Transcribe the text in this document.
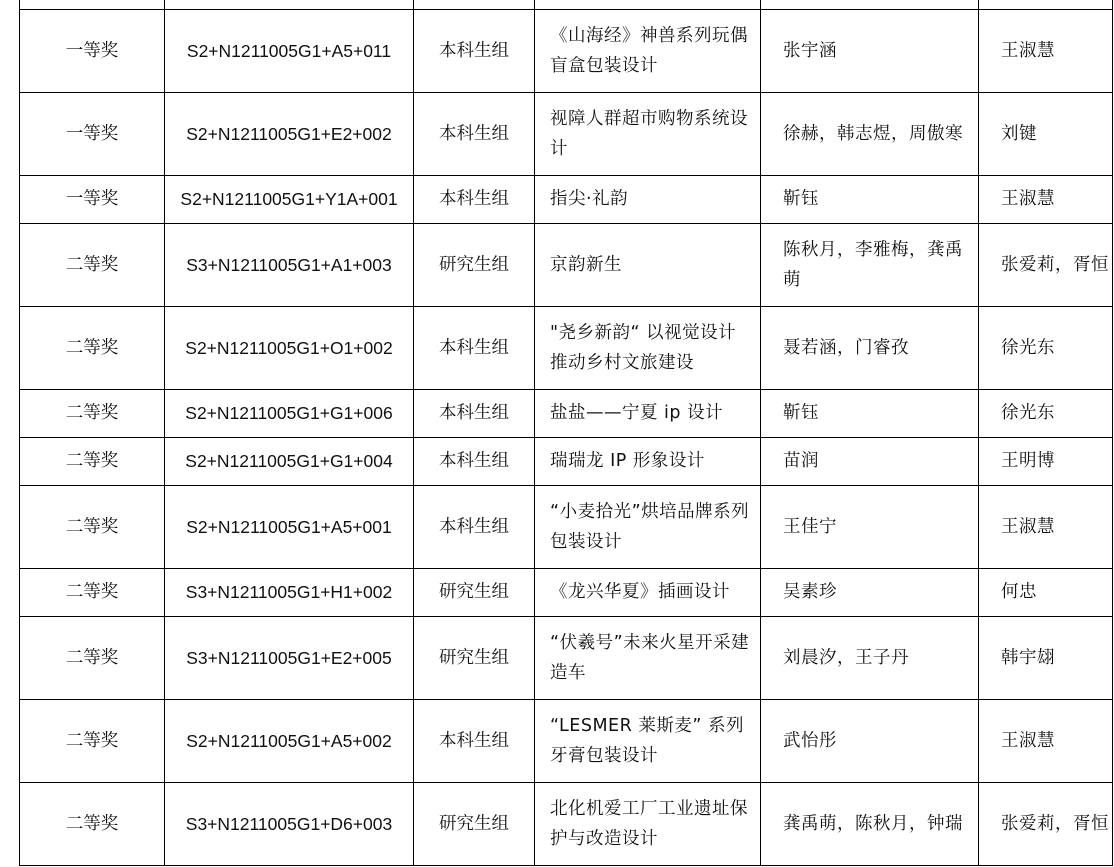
一等奖	S2+N1211005G1+A5+011	本科生组	《山海经》神兽系列玩偶盲盒包装设计	张宇涵	王淑慧
一等奖	S2+N1211005G1+E2+002	本科生组	视障人群超市购物系统设计	徐赫，韩志煜，周傲寒	刘键
一等奖	S2+N1211005G1+Y1A+001	本科生组	指尖·礼韵	靳钰	王淑慧
二等奖	S3+N1211005G1+A1+003	研究生组	京韵新生	陈秋月，李雅梅，龚禹萌	张爱莉，胥恒
二等奖	S2+N1211005G1+O1+002	本科生组	"尧乡新韵“ 以视觉设计推动乡村文旅建设	聂若涵，门睿孜	徐光东
二等奖	S2+N1211005G1+G1+006	本科生组	盐盐——宁夏 ip 设计	靳钰	徐光东
二等奖	S2+N1211005G1+G1+004	本科生组	瑞瑞龙 IP 形象设计	苗润	王明博
二等奖	S2+N1211005G1+A5+001	本科生组	“小麦拾光”烘培品牌系列包装设计	王佳宁	王淑慧
二等奖	S3+N1211005G1+H1+002	研究生组	《龙兴华夏》插画设计	吴素珍	何忠
二等奖	S3+N1211005G1+E2+005	研究生组	“伏羲号”未来火星开采建造车	刘晨汐，王子丹	韩宇翃
二等奖	S2+N1211005G1+A5+002	本科生组	“LESMER 莱斯麦” 系列牙膏包装设计	武怡彤	王淑慧
二等奖	S3+N1211005G1+D6+003	研究生组	北化机爱工厂工业遗址保护与改造设计	龚禹萌，陈秋月，钟瑞	张爱莉，胥恒
